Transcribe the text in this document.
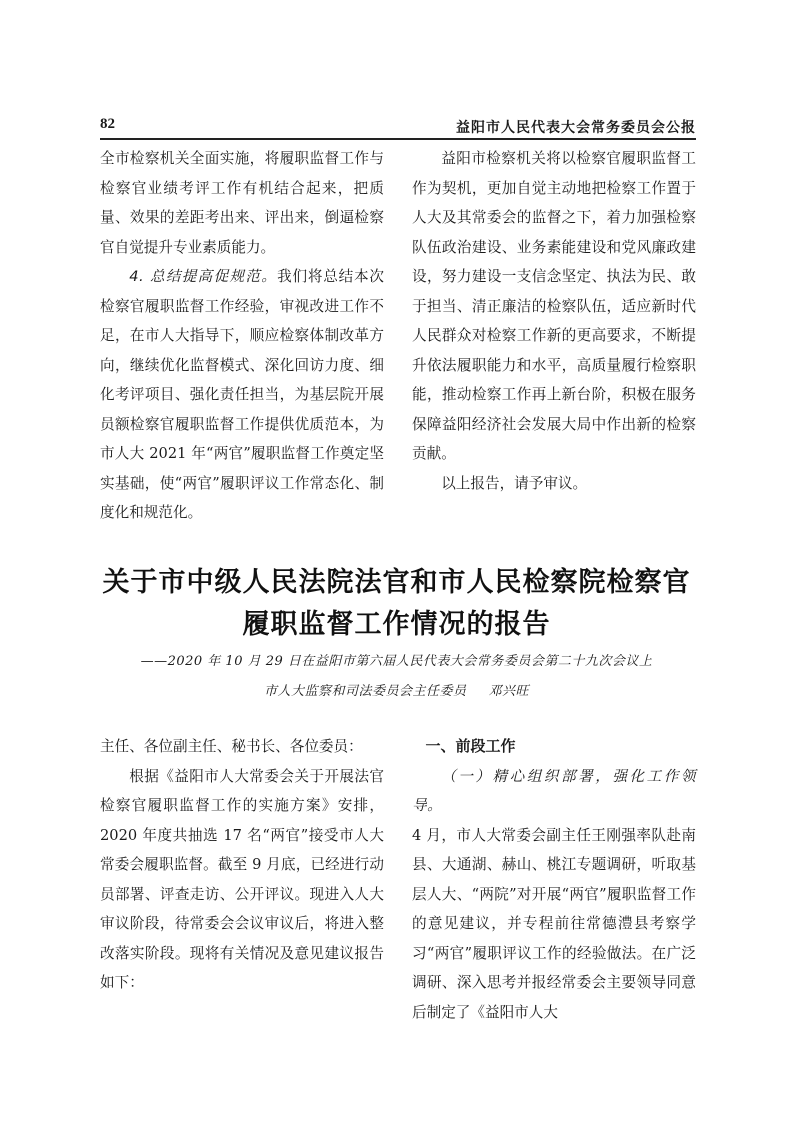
82	益阳市人民代表大会常务委员会公报

全市检察机关全面实施，将履职监督工作与检察官业绩考评工作有机结合起来，把质量、效果的差距考出来、评出来，倒逼检察官自觉提升专业素质能力。

4. 总结提高促规范。我们将总结本次检察官履职监督工作经验，审视改进工作不足，在市人大指导下，顺应检察体制改革方向，继续优化监督模式、深化回访力度、细化考评项目、强化责任担当，为基层院开展员额检察官履职监督工作提供优质范本，为市人大 2021 年“两官”履职监督工作奠定坚实基础，使“两官”履职评议工作常态化、制度化和规范化。

益阳市检察机关将以检察官履职监督工作为契机，更加自觉主动地把检察工作置于人大及其常委会的监督之下，着力加强检察队伍政治建设、业务素能建设和党风廉政建设，努力建设一支信念坚定、执法为民、敢于担当、清正廉洁的检察队伍，适应新时代人民群众对检察工作新的更高要求，不断提升依法履职能力和水平，高质量履行检察职能，推动检察工作再上新台阶，积极在服务保障益阳经济社会发展大局中作出新的检察贡献。

以上报告，请予审议。

关于市中级人民法院法官和市人民检察院检察官
履职监督工作情况的报告
——2020 年 10 月 29 日在益阳市第六届人民代表大会常务委员会第二十九次会议上
市人大监察和司法委员会主任委员 邓兴旺

主任、各位副主任、秘书长、各位委员：

根据《益阳市人大常委会关于开展法官检察官履职监督工作的实施方案》安排， 2020 年度共抽选 17 名“两官”接受市人大常委会履职监督。截至 9 月底，已经进行动员部署、评查走访、公开评议。现进入人大审议阶段，待常委会会议审议后，将进入整改落实阶段。现将有关情况及意见建议报告如下：

一、前段工作

（一）精心组织部署，强化工作领导。

4 月，市人大常委会副主任王刚强率队赴南县、大通湖、赫山、桃江专题调研，听取基层人大、“两院”对开展“两官”履职监督工作的意见建议，并专程前往常德澧县考察学习“两官”履职评议工作的经验做法。在广泛调研、深入思考并报经常委会主要领导同意后制定了《益阳市人大
